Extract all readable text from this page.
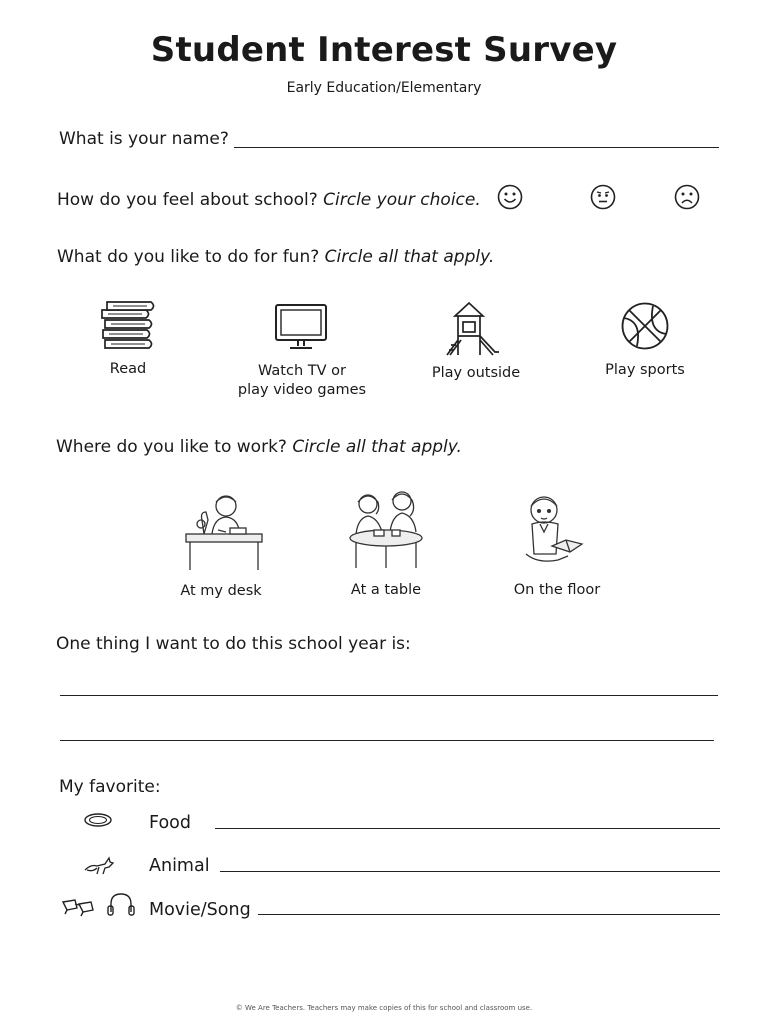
Student Interest Survey
Early Education/Elementary
What is your name?
How do you feel about school? Circle your choice.
What do you like to do for fun? Circle all that apply.
Read	Watch TV or
play video games
Play outside	Play sports
Where do you like to work? Circle all that apply.
At my desk	At a table	On the floor
One thing I want to do this school year is:
My favorite:
Food
Animal
Movie/Song
© We Are Teachers. Teachers may make copies of this for school and classroom use.
